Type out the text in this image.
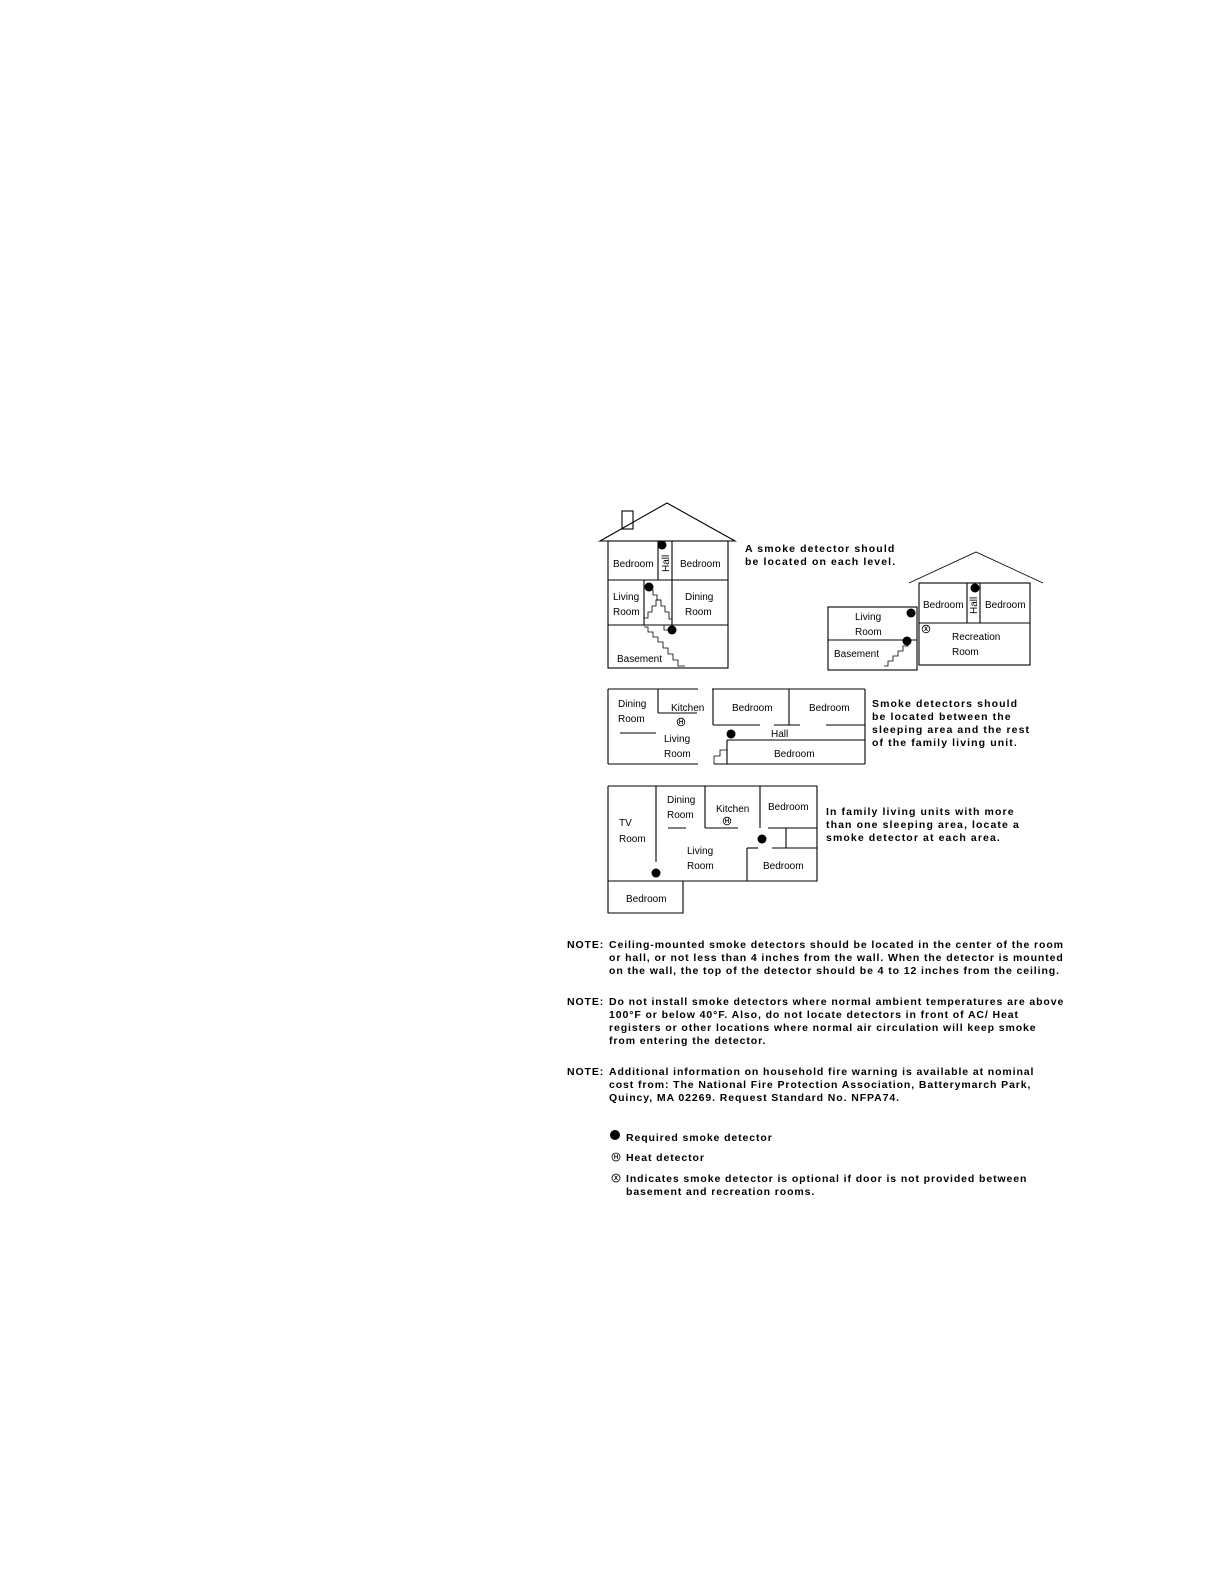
Bedroom Hall Bedroom
Living
Room
Dining
Room
Basement
A smoke detector should
be located on each level.
X
Living
Room
Basement
Bedroom Hall Bedroom
Recreation
Room
H
Dining
Room
Kitchen	Bedroom	Bedroom
Living
Room
Hall
Bedroom
Smoke detectors should
be located between the
sleeping area and the rest
of the family living unit.
H
TV
Room
Dining
Room
Kitchen Bedroom
Living
Room	Bedroom
Bedroom
In family living units with more
than one sleeping area, locate a
smoke detector at each area.
NOTE: Ceiling-mounted smoke detectors should be located in the center of the room
or hall, or not less than 4 inches from the wall. When the detector is mounted
on the wall, the top of the detector should be 4 to 12 inches from the ceiling.
NOTE: Do not install smoke detectors where normal ambient temperatures are above
100°F or below 40°F. Also, do not locate detectors in front of AC/ Heat
registers or other locations where normal air circulation will keep smoke
from entering the detector.
NOTE: Additional information on household fire warning is available at nominal
cost from: The National Fire Protection Association, Batterymarch Park,
Quincy, MA 02269. Request Standard No. NFPA74.
Required smoke detector
H Heat detector
X Indicates smoke detector is optional if door is not provided between
basement and recreation rooms.
